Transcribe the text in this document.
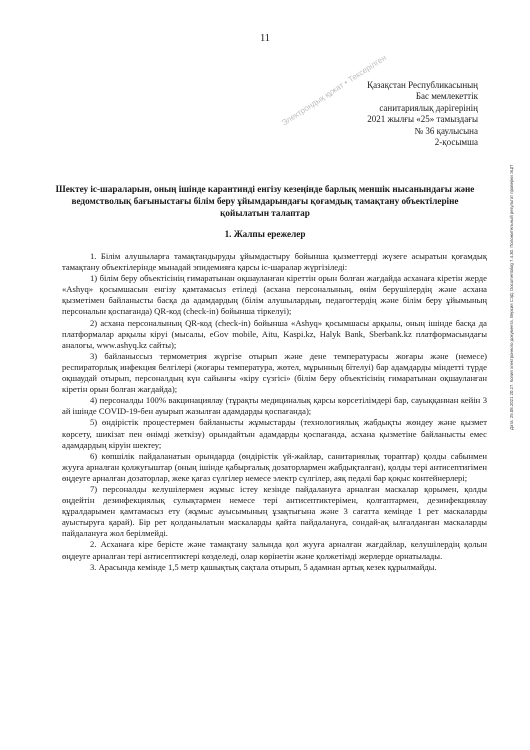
11
Қазақстан Республикасының
Бас мемлекеттік
санитариялық дәрігерінің
2021 жылғы «25» тамыздағы
№ 36 қаулысына
2-қосымша
Шектеу іс-шараларын, оның ішінде карантинді енгізу кезеңінде барлық меншік нысанындағы және ведомстволық бағыныстағы білім беру ұйымдарындағы қоғамдық тамақтану объектілеріне қойылатын талаптар
1. Жалпы ережелер

1. Білім алушыларға тамақтандыруды ұйымдастыру бойынша қызметтерді жүзеге асыратын қоғамдық тамақтану объектілерінде мынадай эпидемияға қарсы іс-шаралар жүргізіледі:

1) білім беру объектісінің ғимаратынан оқшауланған кіреттін орын болған жағдайда асханаға кіретін жерде «Ashyq» қосымшасын енгізу қамтамасыз етіледі (асхана персоналының, өнім берушілердің және асхана қызметімен байланысты басқа да адамдардың (білім алушылардың, педагогтердің және білім беру ұйымының персоналын қоспағанда) QR-код (check-in) бойынша тіркелуі);

2) асхана персоналының QR-код (check-in) бойынша «Ashyq» қосымшасы арқылы, оның ішінде басқа да платформалар арқылы кіруі (мысалы, eGov mobile, Aitu, Kaspi.kz, Halyk Bank, Sberbank.kz платформасындағы аналогы, www.ashyq.kz сайты);

3) байланыссыз термометрия жүргізе отырып және дене температурасы жоғары және (немесе) респираторлық инфекция белгілері (жоғары температура, жөтел, мұрынның бітелуі) бар адамдарды міндетті түрде оқшаудай отырып, персоналдың күн сайынғы «кіру сүзгісі» (білім беру объектісінің ғимаратынан оқшауланған кіретін орын болған жағдайда);

4) персоналды 100% вакцинациялау (тұрақты медициналық қарсы көрсетілімдері бар, сауыққаннан кейін 3 ай ішінде COVID-19-бен ауырып жазылған адамдарды қоспағанда);

5) өндірістік процестермен байланысты жұмыстарды (технологиялық жабдықты жөндеу және қызмет көрсету, шикізат пен өнімді жеткізу) орындайтын адамдарды қоспағанда, асхана қызметіне байланысты емес адамдардың кіруін шектеу;

6) көпшілік пайдаланатын орындарда (өндірістік үй-жайлар, санитариялық тораптар) қолды сабынмен жууға арналған қолжуғыштар (оның ішінде қабырғалық дозаторлармен жабдықталған), қолды тері антисептигімен өңдеуге арналған дозаторлар, жеке қағаз сүлгілер немесе электр сүлгілер, аяқ педалі бар қоқыс контейнерлері;

7) персоналды келушілермен жұмыс істеу кезінде пайдалануға арналған маскалар қорымен, қолды өңдейтін дезинфекциялық сулықтармен немесе тері антисептиктерімен, қолғаптармен, дезинфекциялау құралдарымен қамтамасыз ету (жұмыс ауысымының ұзақтығына және 3 сағатта кемінде 1 рет маскаларды ауыстыруға қарай). Бір рет қолданылатын маскаларды қайта пайдалануға, сондай-ақ ылғалданған маскаларды пайдалануға жол берілмейді.

2. Асханаға кіре берісте және тамақтану залында қол жууға арналған жағдайлар, келушілердің қолын өңдеуге арналған тері антисептиктері көзделеді, олар көрінетін және қолжетімді жерлерде орнатылады.

3. Арасында кемінде 1,5 метр қашықтық сақтала отырып, 5 адамнан артық кезек құрылмайды.

Электрондық құжат • Тексерілген
Дата: 25.08.2021 20:27. Копия электронного документа. Версия СЭД: Documentolog 7.4.30. Положительный результат проверки ЭЦП
